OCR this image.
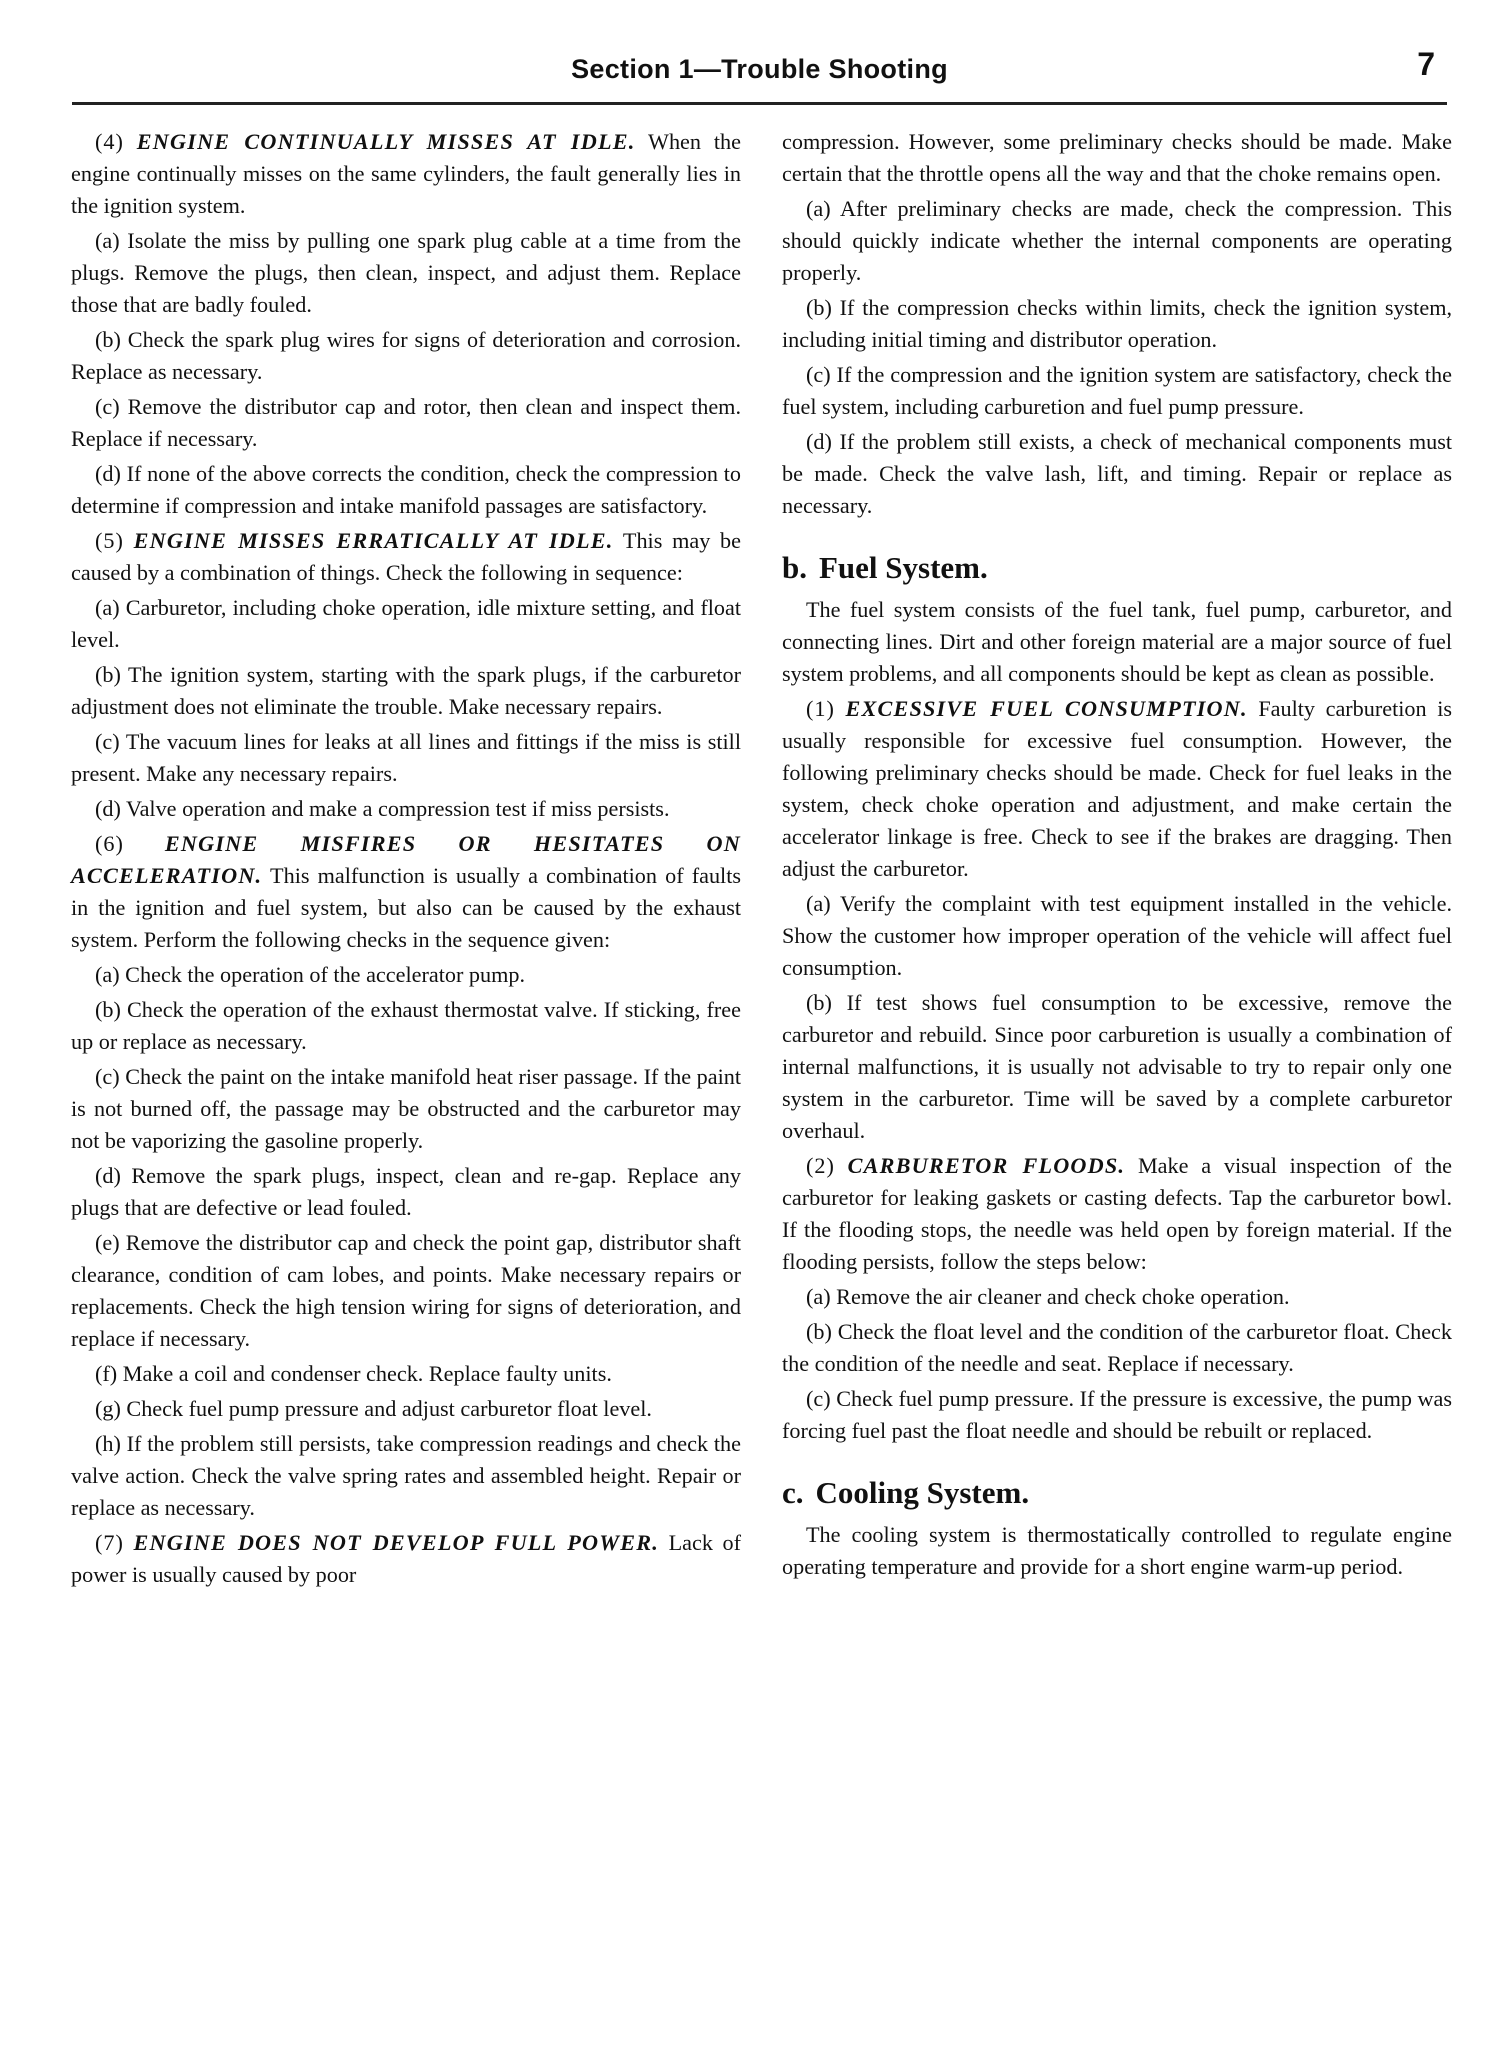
Section 1—Trouble Shooting	7

(4) ENGINE CONTINUALLY MISSES AT IDLE. When the engine continually misses on the same cylinders, the fault generally lies in the ignition system.

(a) Isolate the miss by pulling one spark plug cable at a time from the plugs. Remove the plugs, then clean, inspect, and adjust them. Replace those that are badly fouled.

(b) Check the spark plug wires for signs of deterioration and corrosion. Replace as necessary.

(c) Remove the distributor cap and rotor, then clean and inspect them. Replace if necessary.

(d) If none of the above corrects the condition, check the compression to determine if compression and intake manifold passages are satisfactory.

(5) ENGINE MISSES ERRATICALLY AT IDLE. This may be caused by a combination of things. Check the following in sequence:

(a) Carburetor, including choke operation, idle mixture setting, and float level.

(b) The ignition system, starting with the spark plugs, if the carburetor adjustment does not eliminate the trouble. Make necessary repairs.

(c) The vacuum lines for leaks at all lines and fittings if the miss is still present. Make any necessary repairs.

(d) Valve operation and make a compression test if miss persists.

(6) ENGINE MISFIRES OR HESITATES ON ACCELERATION. This malfunction is usually a combination of faults in the ignition and fuel system, but also can be caused by the exhaust system. Perform the following checks in the sequence given:

(a) Check the operation of the accelerator pump.

(b) Check the operation of the exhaust thermostat valve. If sticking, free up or replace as necessary.

(c) Check the paint on the intake manifold heat riser passage. If the paint is not burned off, the passage may be obstructed and the carburetor may not be vaporizing the gasoline properly.

(d) Remove the spark plugs, inspect, clean and re-gap. Replace any plugs that are defective or lead fouled.

(e) Remove the distributor cap and check the point gap, distributor shaft clearance, condition of cam lobes, and points. Make necessary repairs or replacements. Check the high tension wiring for signs of deterioration, and replace if necessary.

(f) Make a coil and condenser check. Replace faulty units.

(g) Check fuel pump pressure and adjust carburetor float level.

(h) If the problem still persists, take compression readings and check the valve action. Check the valve spring rates and assembled height. Repair or replace as necessary.

(7) ENGINE DOES NOT DEVELOP FULL POWER. Lack of power is usually caused by poor

compression. However, some preliminary checks should be made. Make certain that the throttle opens all the way and that the choke remains open.

(a) After preliminary checks are made, check the compression. This should quickly indicate whether the internal components are operating properly.

(b) If the compression checks within limits, check the ignition system, including initial timing and distributor operation.

(c) If the compression and the ignition system are satisfactory, check the fuel system, including carburetion and fuel pump pressure.

(d) If the problem still exists, a check of mechanical components must be made. Check the valve lash, lift, and timing. Repair or replace as necessary.

b. Fuel System.

The fuel system consists of the fuel tank, fuel pump, carburetor, and connecting lines. Dirt and other foreign material are a major source of fuel system problems, and all components should be kept as clean as possible.

(1) EXCESSIVE FUEL CONSUMPTION. Faulty carburetion is usually responsible for excessive fuel consumption. However, the following preliminary checks should be made. Check for fuel leaks in the system, check choke operation and adjustment, and make certain the accelerator linkage is free. Check to see if the brakes are dragging. Then adjust the carburetor.

(a) Verify the complaint with test equipment installed in the vehicle. Show the customer how improper operation of the vehicle will affect fuel consumption.

(b) If test shows fuel consumption to be excessive, remove the carburetor and rebuild. Since poor carburetion is usually a combination of internal malfunctions, it is usually not advisable to try to repair only one system in the carburetor. Time will be saved by a complete carburetor overhaul.

(2) CARBURETOR FLOODS. Make a visual inspection of the carburetor for leaking gaskets or casting defects. Tap the carburetor bowl. If the flooding stops, the needle was held open by foreign material. If the flooding persists, follow the steps below:

(a) Remove the air cleaner and check choke operation.

(b) Check the float level and the condition of the carburetor float. Check the condition of the needle and seat. Replace if necessary.

(c) Check fuel pump pressure. If the pressure is excessive, the pump was forcing fuel past the float needle and should be rebuilt or replaced.

c. Cooling System.

The cooling system is thermostatically controlled to regulate engine operating temperature and provide for a short engine warm-up period.
